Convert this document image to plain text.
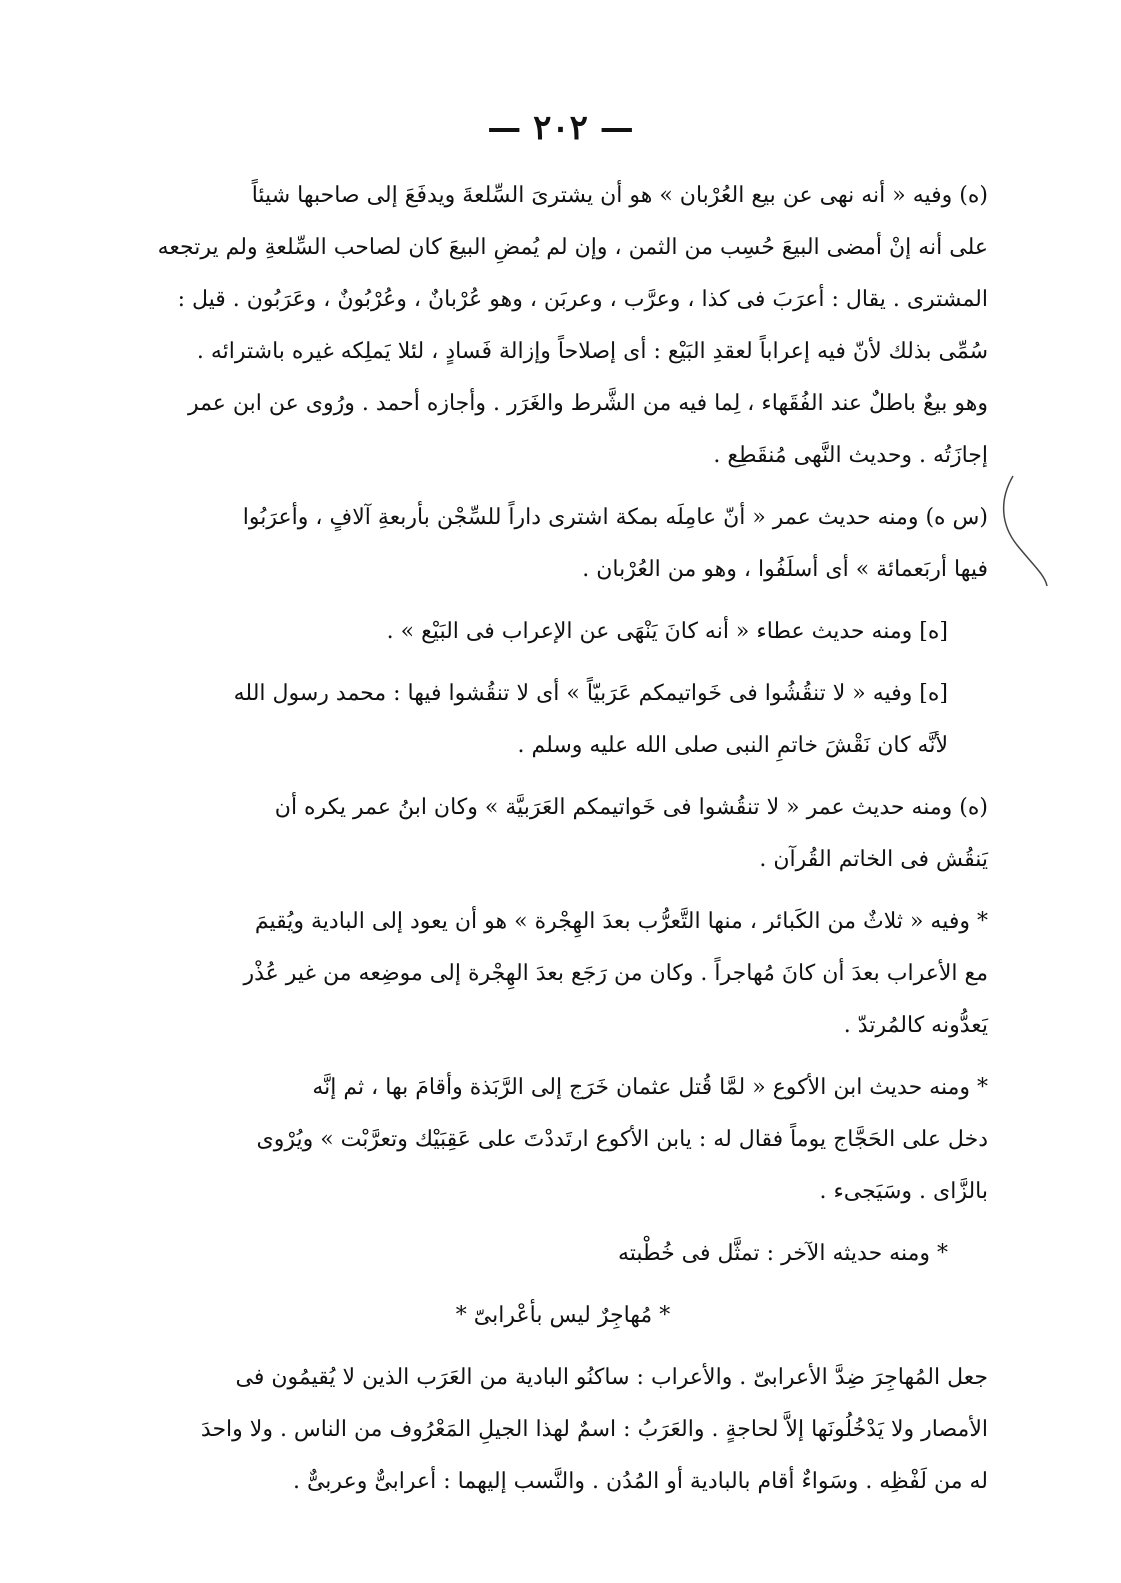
— ٢٠٢ —

(ه) وفيه « أنه نهى عن بيع العُرْبان » هو أن يشترىَ السِّلعةَ ويدفَعَ إلى صاحبها شيئاً
على أنه إنْ أمضى البيعَ حُسِب من الثمن ، وإن لم يُمضِ البيعَ كان لصاحب السِّلعةِ ولم يرتجعه
المشترى . يقال : أعرَبَ فى كذا ، وعرَّب ، وعربَن ، وهو عُرْبانٌ ، وعُرْبُونٌ ، وعَرَبُون . قيل :
سُمِّى بذلك لأنّ فيه إعراباً لعقدِ البَيْع : أى إصلاحاً وإزالة فَسادٍ ، لئلا يَملِكه غيره باشترائه .
وهو بيعٌ باطلٌ عند الفُقَهاء ، لِما فيه من الشَّرط والغَرَر . وأجازه أحمد . ورُوى عن ابن عمر
إجازَتُه . وحديث النَّهى مُنقَطِع .

(س ه) ومنه حديث عمر « أنّ عامِلَه بمكة اشترى داراً للسِّجْن بأربعةِ آلافٍ ، وأعرَبُوا
فيها أربَعمائة » أى أسلَفُوا ، وهو من العُرْبان .

[ه] ومنه حديث عطاء « أنه كانَ يَنْهَى عن الإعراب فى البَيْع » .

[ه] وفيه « لا تنقُشُوا فى خَواتيمكم عَرَبيّاً » أى لا تنقُشوا فيها : محمد رسول الله
لأنَّه كان نَقْشَ خاتمِ النبى صلى الله عليه وسلم .

(ه) ومنه حديث عمر « لا تنقُشوا فى خَواتيمكم العَرَبيَّة » وكان ابنُ عمر يكره أن
يَنقُش فى الخاتم القُرآن .

* وفيه « ثلاثٌ من الكَبائر ، منها التَّعرُّب بعدَ الهِجْرة » هو أن يعود إلى البادية ويُقيمَ
مع الأعراب بعدَ أن كانَ مُهاجراً . وكان من رَجَع بعدَ الهِجْرة إلى موضِعه من غير عُذْر
يَعدُّونه كالمُرتدّ .

* ومنه حديث ابن الأكوع « لمَّا قُتل عثمان خَرَج إلى الرَّبَذة وأقامَ بها ، ثم إنَّه
دخل على الحَجَّاج يوماً فقال له : يابن الأكوع ارتَددْتَ على عَقِبَيْك وتعرَّبْت » ويُرْوى
بالزَّاى . وسَيَجىء .

* ومنه حديثه الآخر : تمثَّل فى خُطْبته

* مُهاجِرٌ ليس بأعْرابىّ *

جعل المُهاجِرَ ضِدَّ الأعرابىّ . والأعراب : ساكنُو البادية من العَرَب الذين لا يُقيمُون فى
الأمصار ولا يَدْخُلُونَها إلاَّ لحاجةٍ . والعَرَبُ : اسمٌ لهذا الجيلِ المَعْرُوف من الناس . ولا واحدَ
له من لَفْظِه . وسَواءٌ أقام بالبادية أو المُدُن . والنَّسب إليهما : أعرابىٌّ وعربىٌّ .
